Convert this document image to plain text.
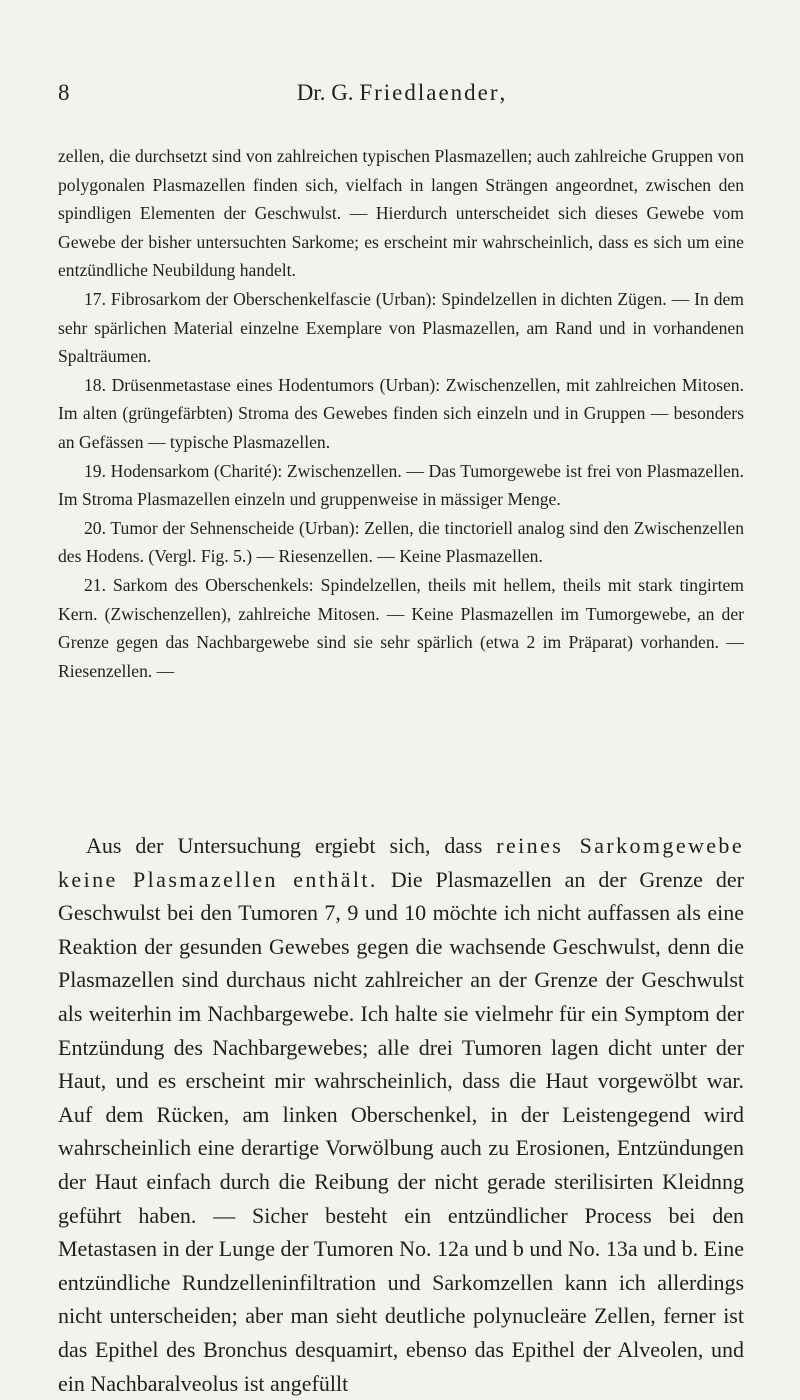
8	Dr. G. Friedlaender,

zellen, die durchsetzt sind von zahlreichen typischen Plasmazellen; auch zahlreiche Gruppen von polygonalen Plasmazellen finden sich, vielfach in langen Strängen angeordnet, zwischen den spindligen Elementen der Geschwulst. — Hierdurch unterscheidet sich dieses Gewebe vom Gewebe der bisher untersuchten Sarkome; es erscheint mir wahrscheinlich, dass es sich um eine entzündliche Neubildung handelt.

17. Fibrosarkom der Oberschenkelfascie (Urban): Spindelzellen in dichten Zügen. — In dem sehr spärlichen Material einzelne Exemplare von Plasmazellen, am Rand und in vorhandenen Spalträumen.

18. Drüsenmetastase eines Hodentumors (Urban): Zwischenzellen, mit zahlreichen Mitosen. Im alten (grüngefärbten) Stroma des Gewebes finden sich einzeln und in Gruppen — besonders an Gefässen — typische Plasmazellen.

19. Hodensarkom (Charité): Zwischenzellen. — Das Tumorgewebe ist frei von Plasmazellen. Im Stroma Plasmazellen einzeln und gruppenweise in mässiger Menge.

20. Tumor der Sehnenscheide (Urban): Zellen, die tinctoriell analog sind den Zwischenzellen des Hodens. (Vergl. Fig. 5.) — Riesenzellen. — Keine Plasmazellen.

21. Sarkom des Oberschenkels: Spindelzellen, theils mit hellem, theils mit stark tingirtem Kern. (Zwischenzellen), zahlreiche Mitosen. — Keine Plasmazellen im Tumorgewebe, an der Grenze gegen das Nachbargewebe sind sie sehr spärlich (etwa 2 im Präparat) vorhanden. — Riesenzellen. —

Aus der Untersuchung ergiebt sich, dass reines Sarkomgewebe keine Plasmazellen enthält. Die Plasmazellen an der Grenze der Geschwulst bei den Tumoren 7, 9 und 10 möchte ich nicht auffassen als eine Reaktion der gesunden Gewebes gegen die wachsende Geschwulst, denn die Plasmazellen sind durchaus nicht zahlreicher an der Grenze der Geschwulst als weiterhin im Nachbargewebe. Ich halte sie vielmehr für ein Symptom der Entzündung des Nachbargewebes; alle drei Tumoren lagen dicht unter der Haut, und es erscheint mir wahrscheinlich, dass die Haut vorgewölbt war. Auf dem Rücken, am linken Oberschenkel, in der Leistengegend wird wahrscheinlich eine derartige Vorwölbung auch zu Erosionen, Entzündungen der Haut einfach durch die Reibung der nicht gerade sterilisirten Kleidnng geführt haben. — Sicher besteht ein entzündlicher Process bei den Metastasen in der Lunge der Tumoren No. 12a und b und No. 13a und b. Eine entzündliche Rundzelleninfiltration und Sarkomzellen kann ich allerdings nicht unterscheiden; aber man sieht deutliche polynucleäre Zellen, ferner ist das Epithel des Bronchus desquamirt, ebenso das Epithel der Alveolen, und ein Nachbaralveolus ist angefüllt
